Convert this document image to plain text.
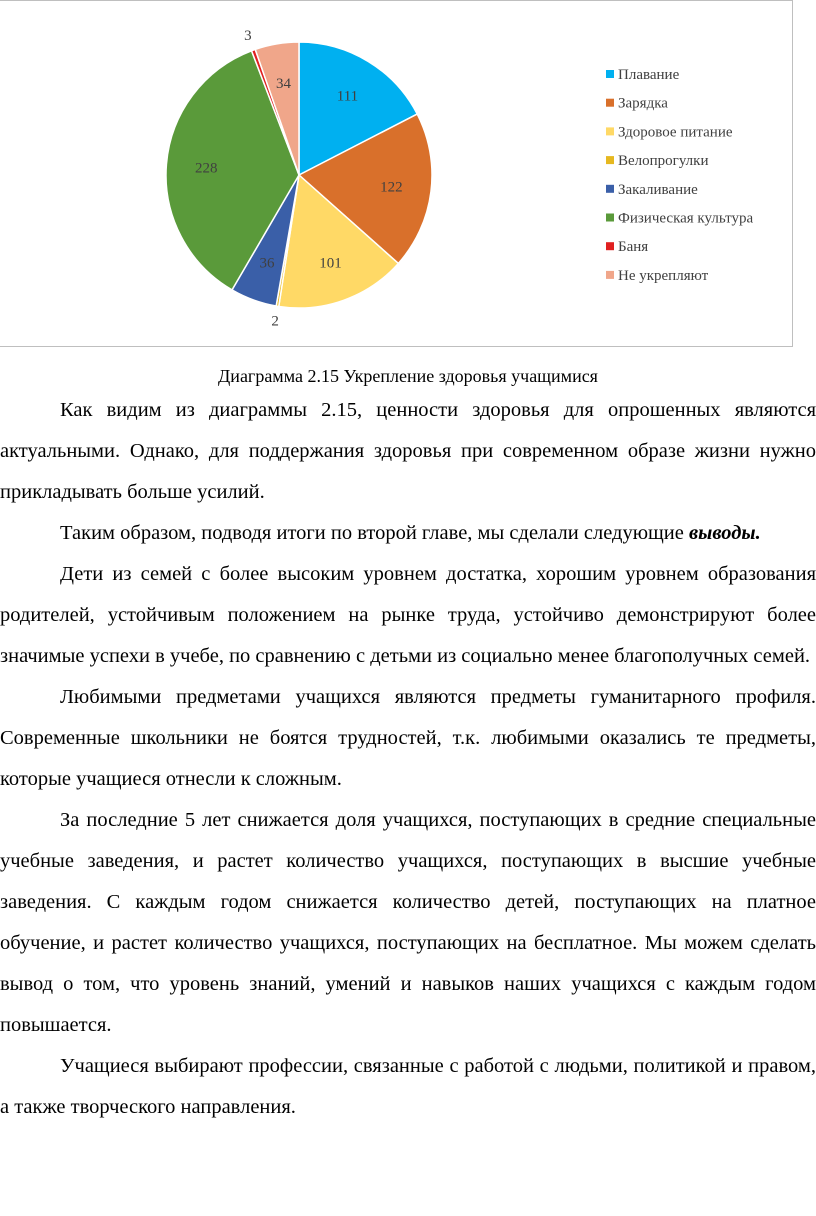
111
122
101
2
36
228
3
34
Плавание
Зарядка
Здоровое питание
Велопрогулки
Закаливание
Физическая культура
Баня
Не укрепляют
Диаграмма 2.15 Укрепление здоровья учащимися

Как видим из диаграммы 2.15, ценности здоровья для опрошенных являются актуальными. Однако, для поддержания здоровья при современном образе жизни нужно прикладывать больше усилий.

Таким образом, подводя итоги по второй главе, мы сделали следующие выводы.

Дети из семей с более высоким уровнем достатка, хорошим уровнем образования родителей, устойчивым положением на рынке труда, устойчиво демонстрируют более значимые успехи в учебе, по сравнению с детьми из социально менее благополучных семей.

Любимыми предметами учащихся являются предметы гуманитарного профиля. Современные школьники не боятся трудностей, т.к. любимыми оказались те предметы, которые учащиеся отнесли к сложным.

За последние 5 лет снижается доля учащихся, поступающих в средние специальные учебные заведения, и растет количество учащихся, поступающих в высшие учебные заведения. С каждым годом снижается количество детей, поступающих на платное обучение, и растет количество учащихся, поступающих на бесплатное. Мы можем сделать вывод о том, что уровень знаний, умений и навыков наших учащихся с каждым годом повышается.

Учащиеся выбирают профессии, связанные с работой с людьми, политикой и правом, а также творческого направления.
